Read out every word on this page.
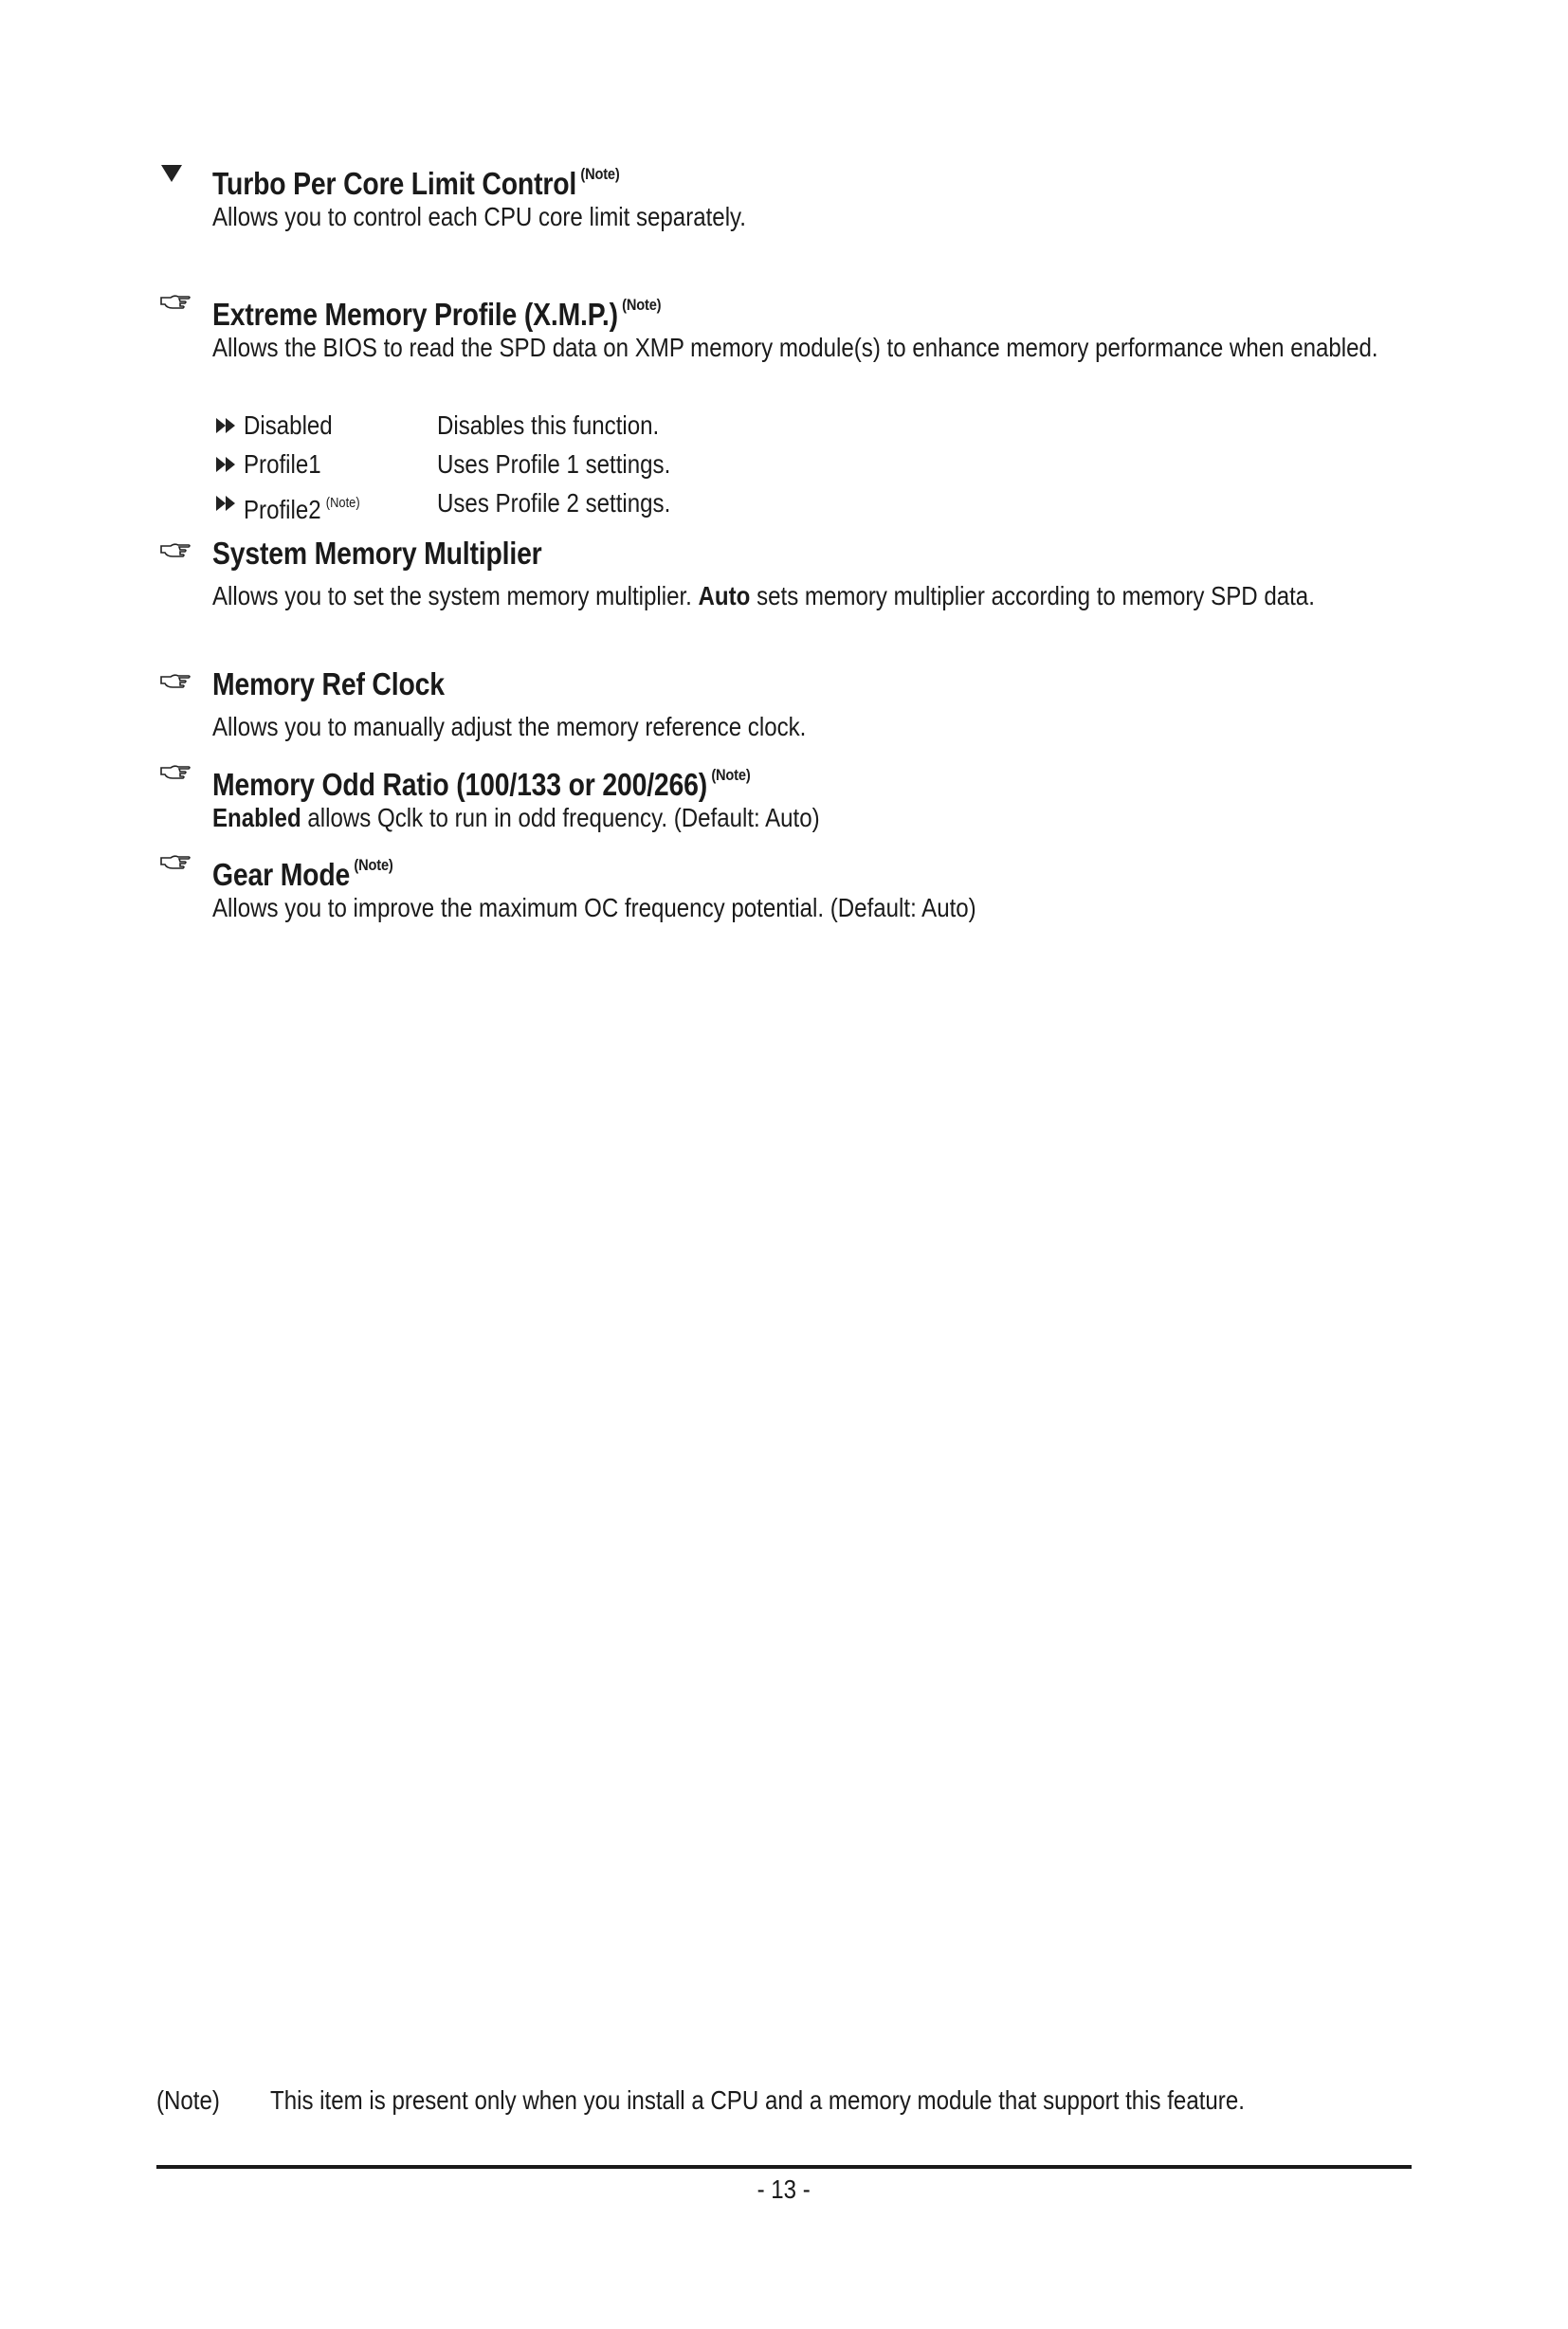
Turbo Per Core Limit Control $^{(Note)}$
Allows you to control each CPU core limit separately.
Extreme Memory Profile (X.M.P.) $^{(Note)}$
Allows the BIOS to read the SPD data on XMP memory module(s) to enhance memory performance when enabled.
Disabled	Disables this function.
Profile1	Uses Profile 1 settings.
Profile2 $^{(Note)}$	Uses Profile 2 settings.
System Memory Multiplier
Allows you to set the system memory multiplier. Auto sets memory multiplier according to memory SPD data.
Memory Ref Clock
Allows you to manually adjust the memory reference clock.
Memory Odd Ratio (100/133 or 200/266) $^{(Note)}$
Enabled allows Qclk to run in odd frequency. (Default: Auto)
Gear Mode $^{(Note)}$
Allows you to improve the maximum OC frequency potential. (Default: Auto)
(Note) This item is present only when you install a CPU and a memory module that support this feature.
- 13 -
